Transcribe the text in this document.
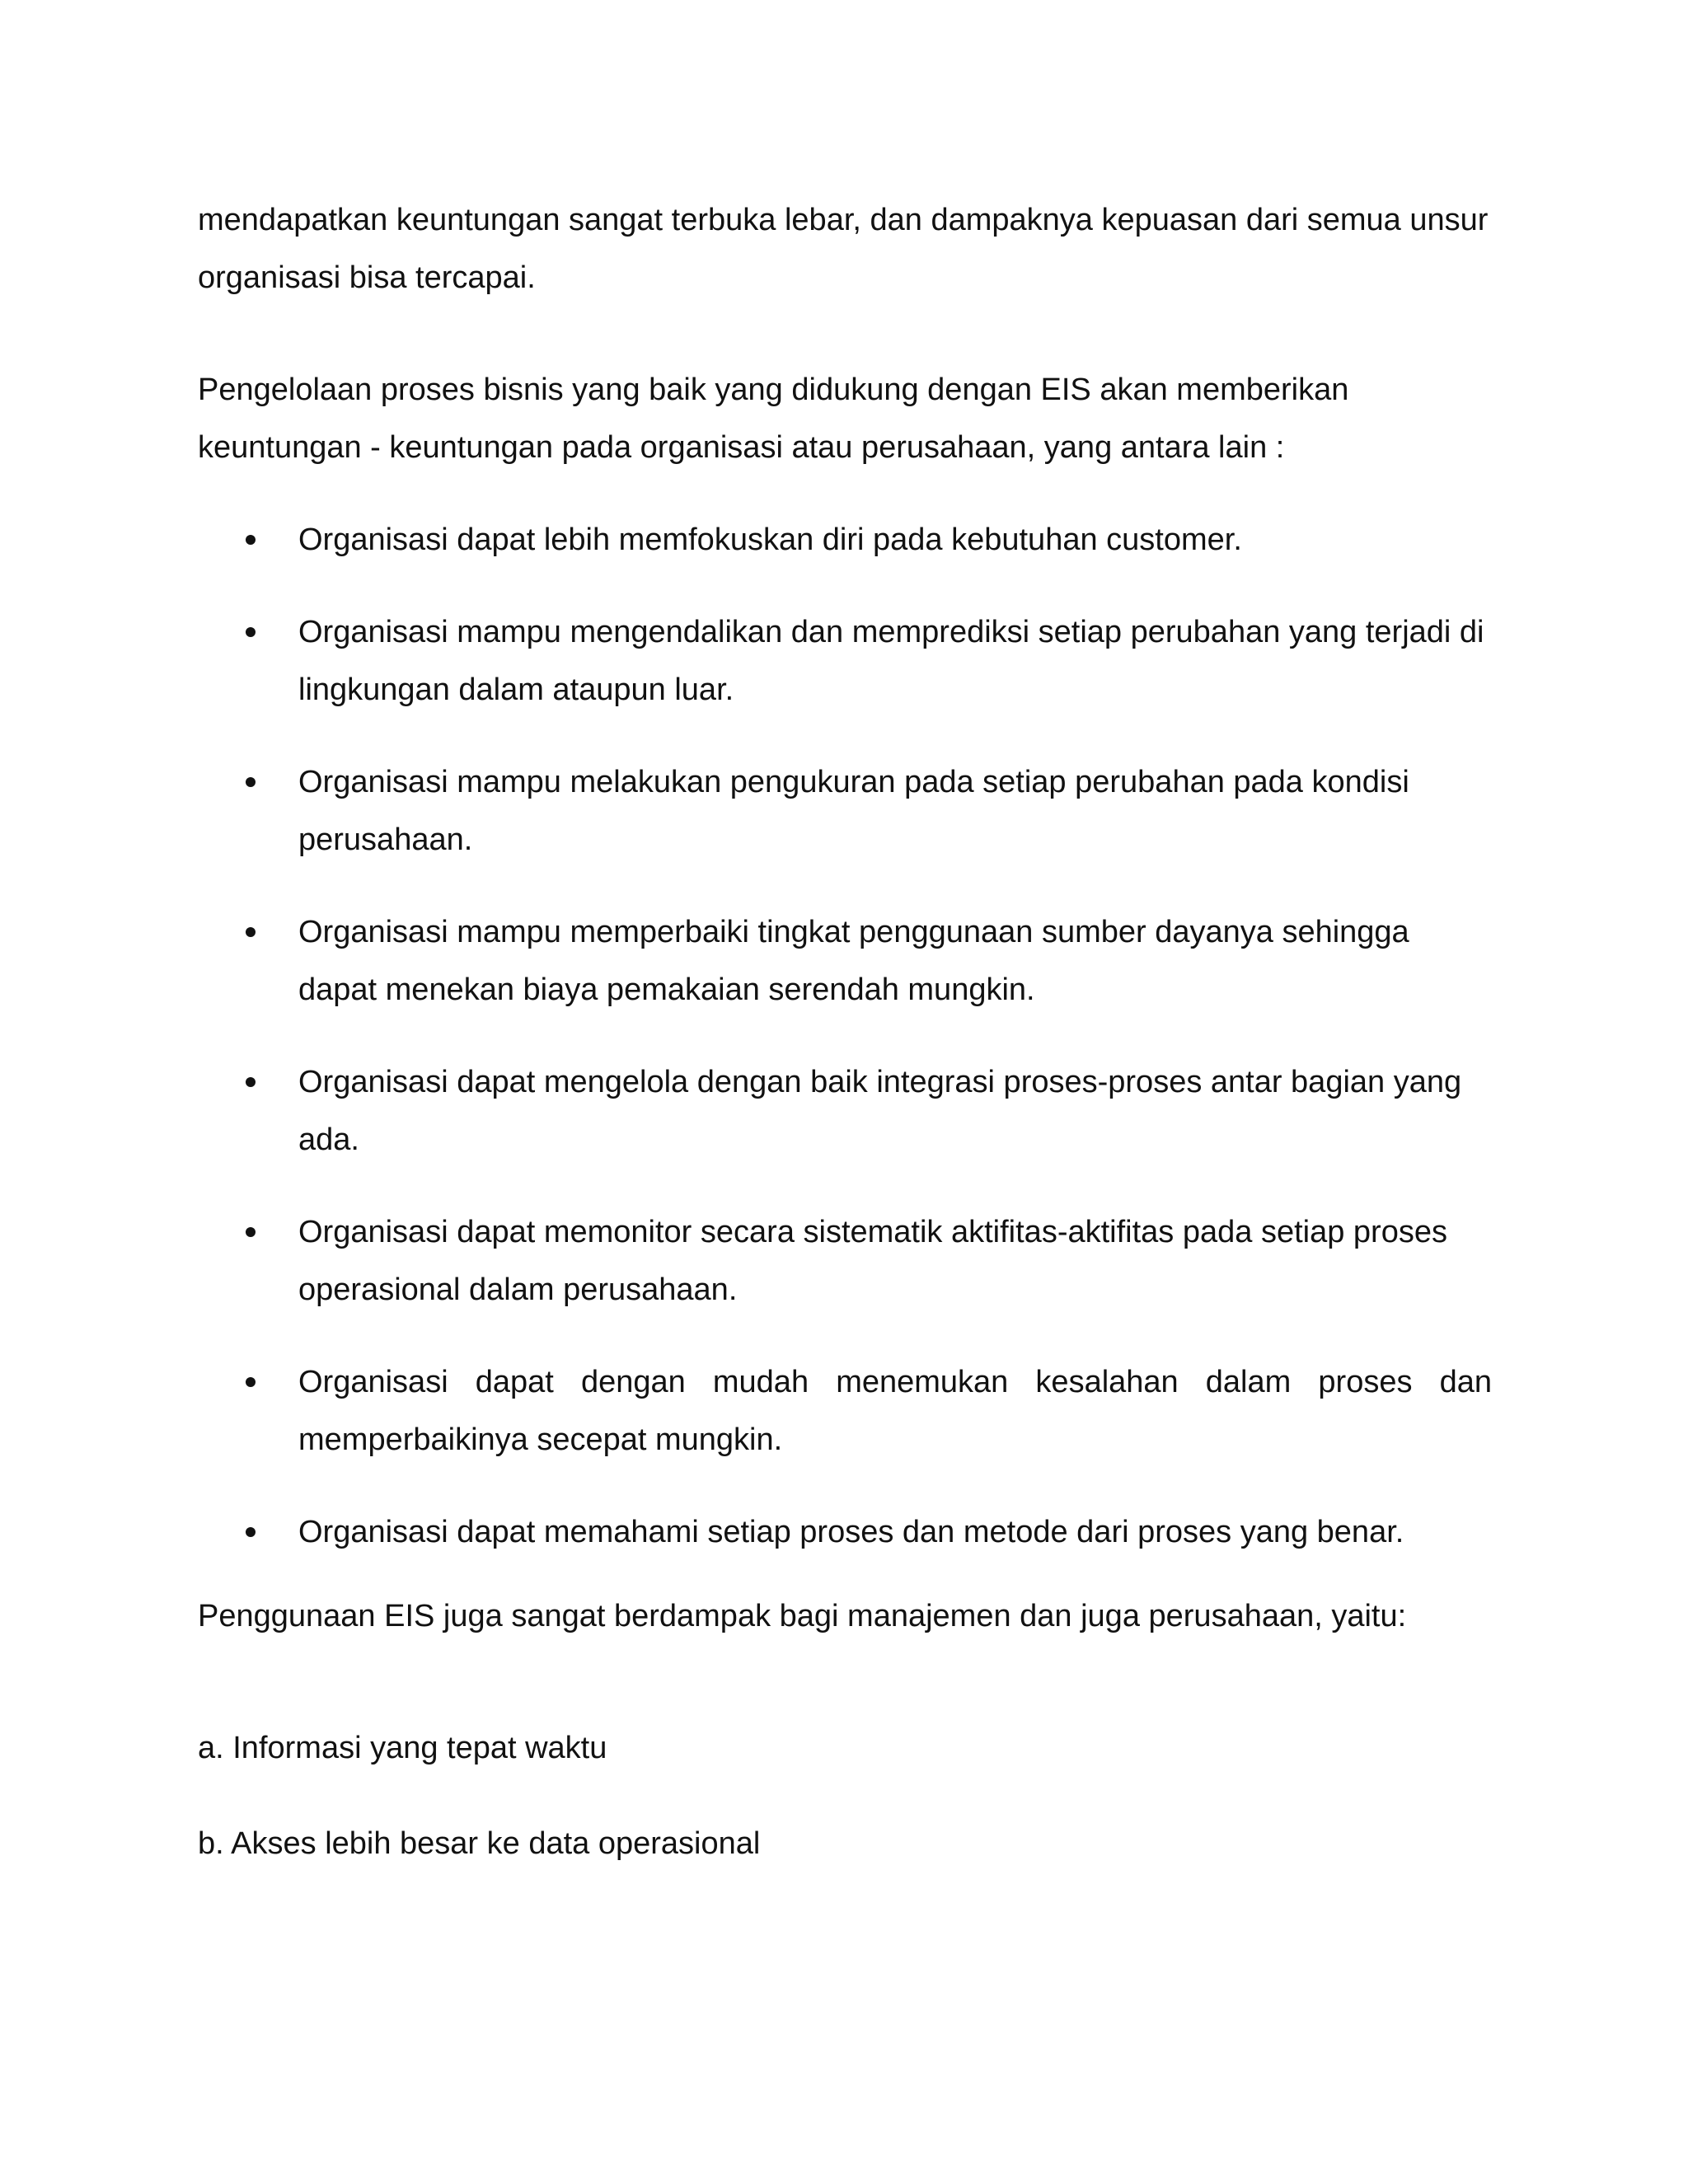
mendapatkan keuntungan sangat terbuka lebar, dan dampaknya kepuasan dari semua unsur organisasi bisa tercapai.

Pengelolaan proses bisnis yang baik yang didukung dengan EIS akan memberikan keuntungan - keuntungan pada organisasi atau perusahaan, yang antara lain :

Organisasi dapat lebih memfokuskan diri pada kebutuhan customer.
Organisasi mampu mengendalikan dan memprediksi setiap perubahan yang terjadi di lingkungan dalam ataupun luar.
Organisasi mampu melakukan pengukuran pada setiap perubahan pada kondisi perusahaan.
Organisasi mampu memperbaiki tingkat penggunaan sumber dayanya sehingga dapat menekan biaya pemakaian serendah mungkin.
Organisasi dapat mengelola dengan baik integrasi proses-proses antar bagian yang ada.
Organisasi dapat memonitor secara sistematik aktifitas-aktifitas pada setiap proses operasional dalam perusahaan.
Organisasi dapat dengan mudah menemukan kesalahan dalam proses dan memperbaikinya secepat mungkin.
Organisasi dapat memahami setiap proses dan metode dari proses yang benar.

Penggunaan EIS juga sangat berdampak bagi manajemen dan juga perusahaan, yaitu:

a. Informasi yang tepat waktu

b. Akses lebih besar ke data operasional
